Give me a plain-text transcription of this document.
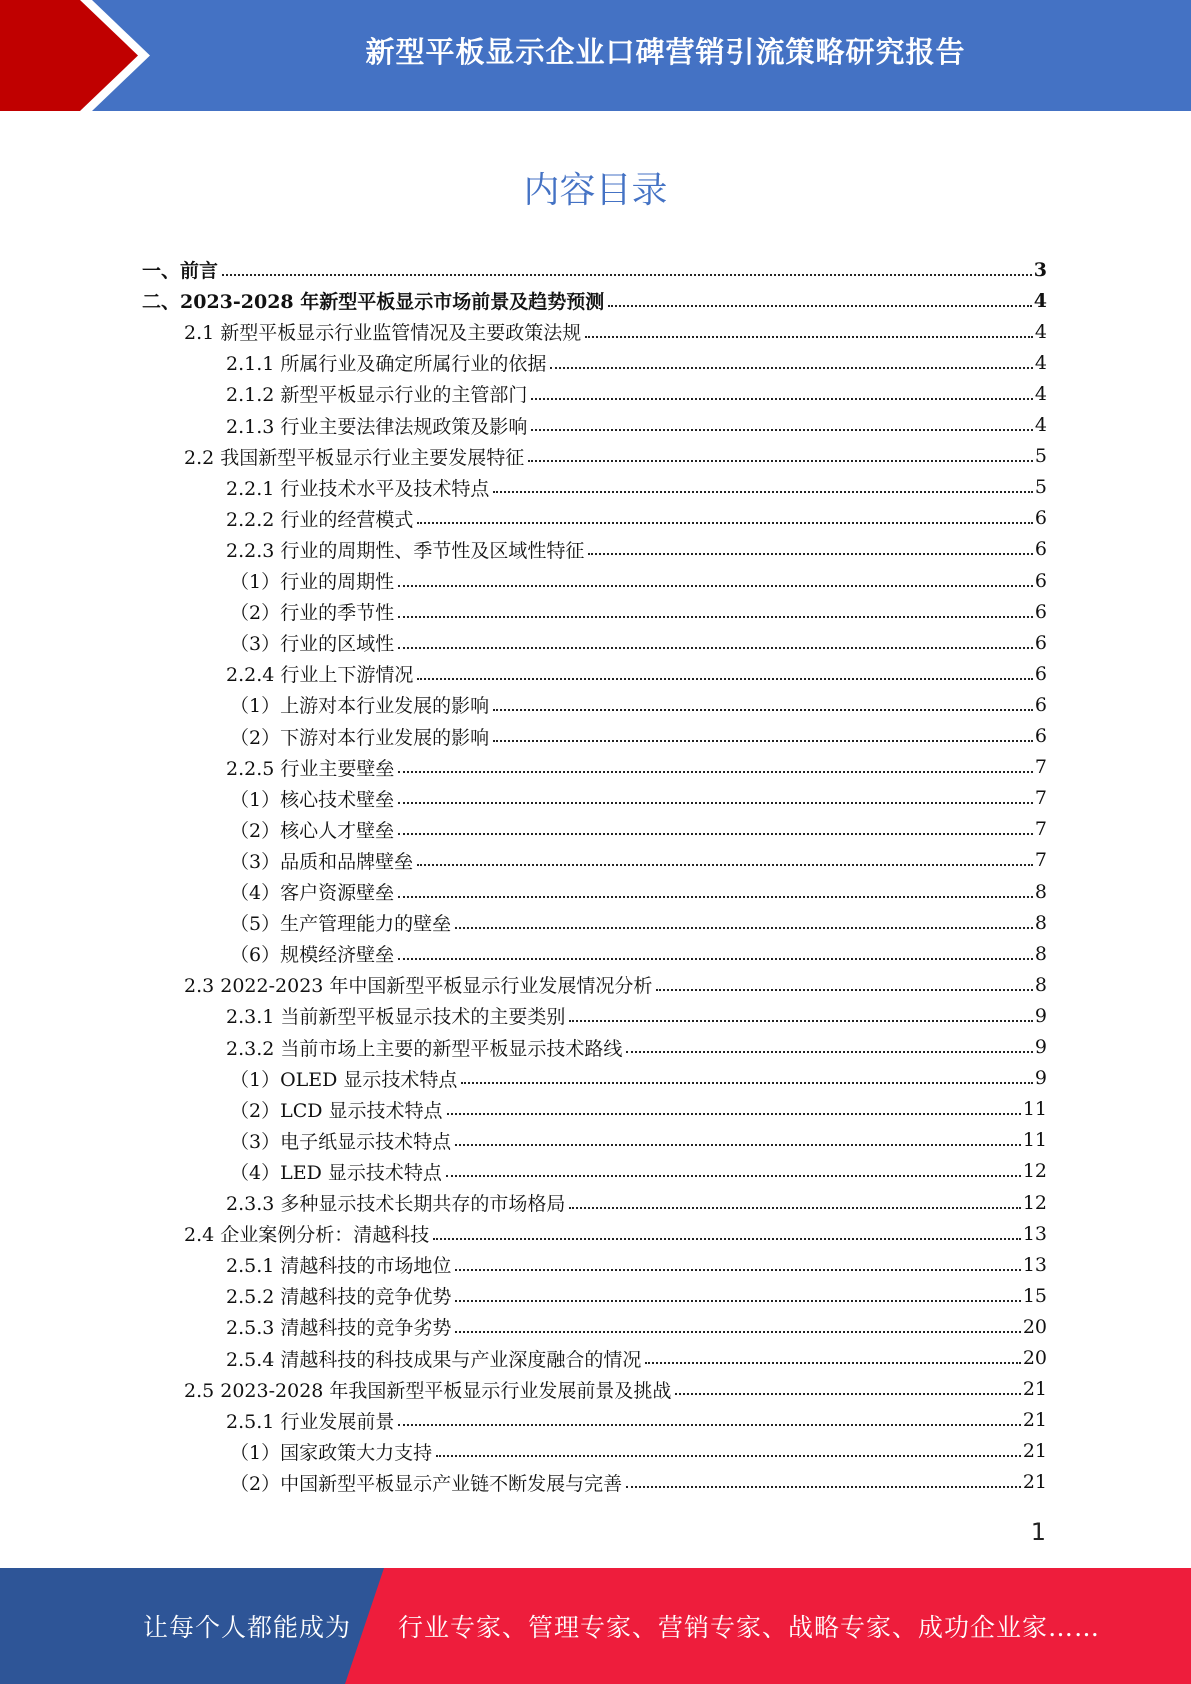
新型平板显示企业口碑营销引流策略研究报告
内容目录
一、前言	3
二、2023-2028 年新型平板显示市场前景及趋势预测	4
2.1 新型平板显示行业监管情况及主要政策法规	4
2.1.1 所属行业及确定所属行业的依据	4
2.1.2 新型平板显示行业的主管部门	4
2.1.3 行业主要法律法规政策及影响	4
2.2 我国新型平板显示行业主要发展特征	5
2.2.1 行业技术水平及技术特点	5
2.2.2 行业的经营模式	6
2.2.3 行业的周期性、季节性及区域性特征	6
（1）行业的周期性	6
（2）行业的季节性	6
（3）行业的区域性	6
2.2.4 行业上下游情况	6
（1）上游对本行业发展的影响	6
（2）下游对本行业发展的影响	6
2.2.5 行业主要壁垒	7
（1）核心技术壁垒	7
（2）核心人才壁垒	7
（3）品质和品牌壁垒	7
（4）客户资源壁垒	8
（5）生产管理能力的壁垒	8
（6）规模经济壁垒	8
2.3 2022-2023 年中国新型平板显示行业发展情况分析	8
2.3.1 当前新型平板显示技术的主要类别	9
2.3.2 当前市场上主要的新型平板显示技术路线	9
（1）OLED 显示技术特点	9
（2）LCD 显示技术特点	11
（3）电子纸显示技术特点	11
（4）LED 显示技术特点	12
2.3.3 多种显示技术长期共存的市场格局	12
2.4 企业案例分析：清越科技	13
2.5.1 清越科技的市场地位	13
2.5.2 清越科技的竞争优势	15
2.5.3 清越科技的竞争劣势	20
2.5.4 清越科技的科技成果与产业深度融合的情况	20
2.5 2023-2028 年我国新型平板显示行业发展前景及挑战	21
2.5.1 行业发展前景	21
（1）国家政策大力支持	21
（2）中国新型平板显示产业链不断发展与完善	21
1
让每个人都能成为 行业专家、管理专家、营销专家、战略专家、成功企业家……
